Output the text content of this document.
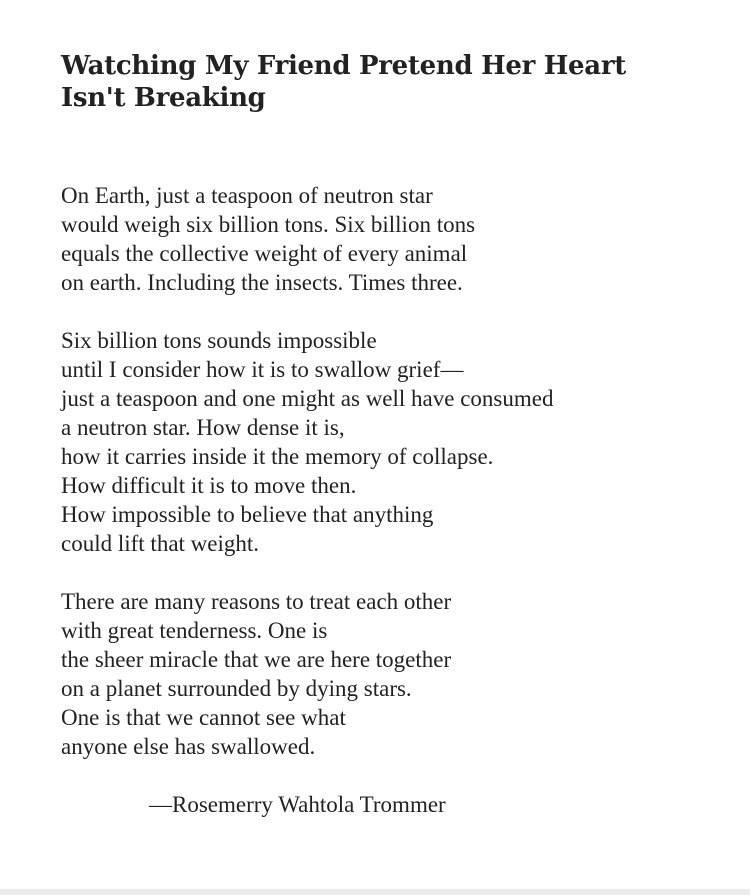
Watching My Friend Pretend Her Heart
Isn't Breaking

On Earth, just a teaspoon of neutron star
would weigh six billion tons. Six billion tons
equals the collective weight of every animal
on earth. Including the insects. Times three.

Six billion tons sounds impossible
until I consider how it is to swallow grief—
just a teaspoon and one might as well have consumed
a neutron star. How dense it is,
how it carries inside it the memory of collapse.
How difficult it is to move then.
How impossible to believe that anything
could lift that weight.

There are many reasons to treat each other
with great tenderness. One is
the sheer miracle that we are here together
on a planet surrounded by dying stars.
One is that we cannot see what
anyone else has swallowed.

—Rosemerry Wahtola Trommer
